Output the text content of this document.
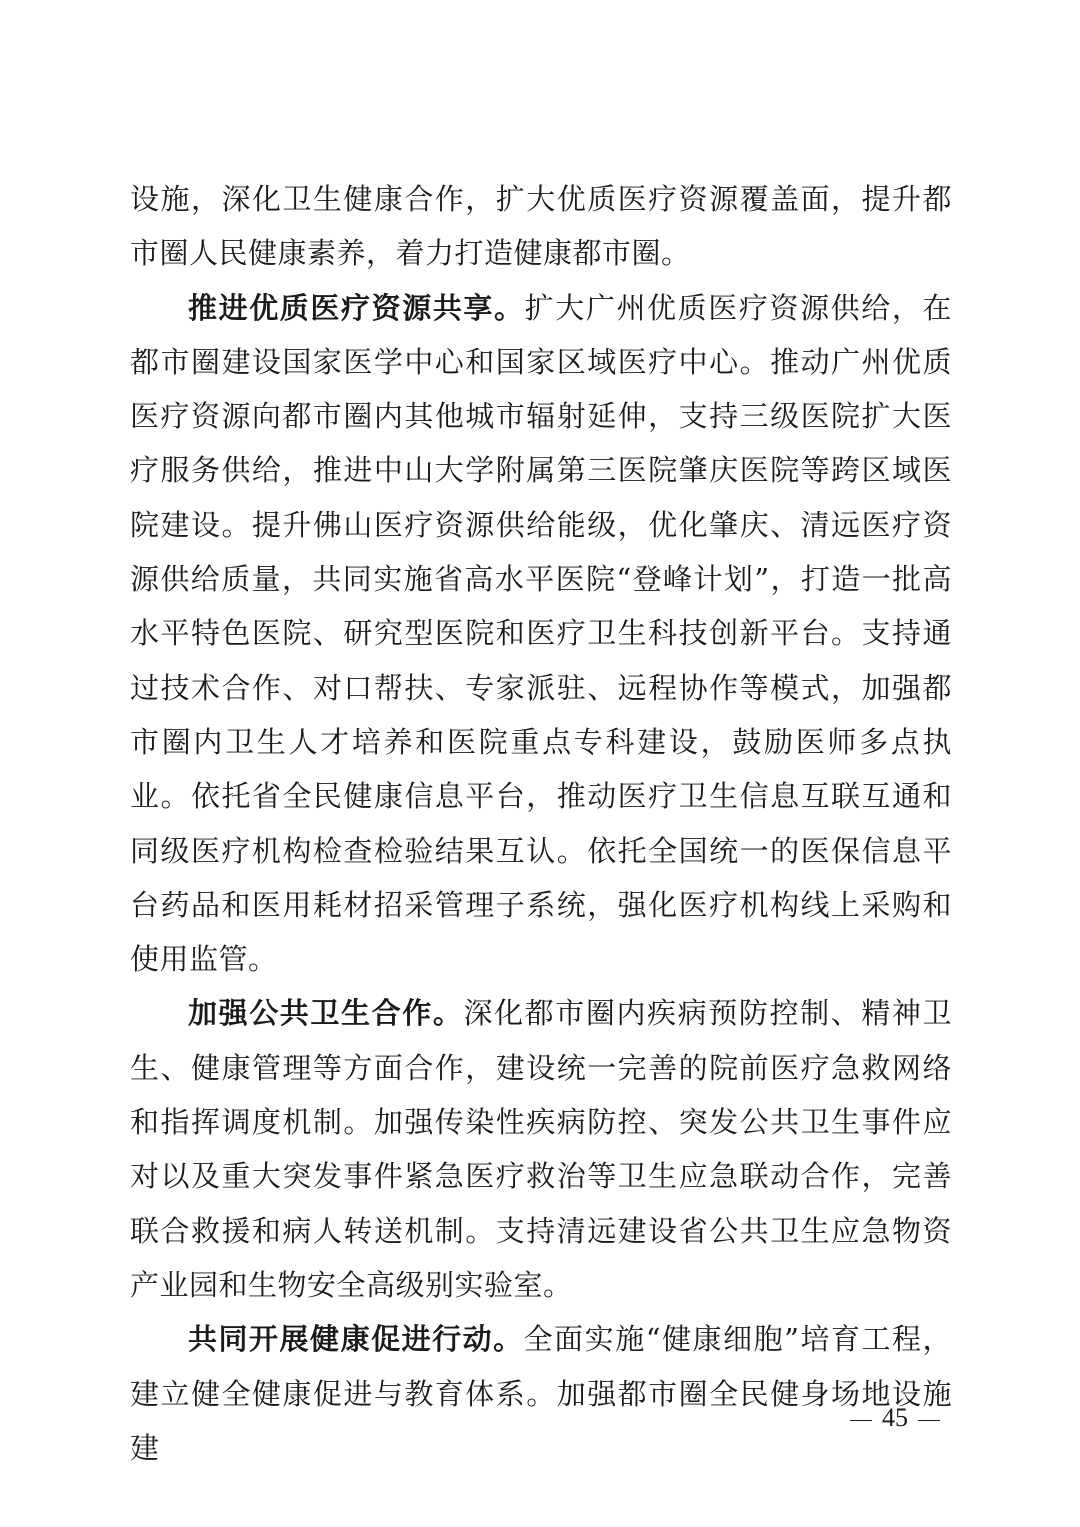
设施，深化卫生健康合作，扩大优质医疗资源覆盖面，提升都市圈人民健康素养，着力打造健康都市圈。

推进优质医疗资源共享。扩大广州优质医疗资源供给，在都市圈建设国家医学中心和国家区域医疗中心。推动广州优质医疗资源向都市圈内其他城市辐射延伸，支持三级医院扩大医疗服务供给，推进中山大学附属第三医院肇庆医院等跨区域医院建设。提升佛山医疗资源供给能级，优化肇庆、清远医疗资源供给质量，共同实施省高水平医院“登峰计划”，打造一批高水平特色医院、研究型医院和医疗卫生科技创新平台。支持通过技术合作、对口帮扶、专家派驻、远程协作等模式，加强都市圈内卫生人才培养和医院重点专科建设，鼓励医师多点执业。依托省全民健康信息平台，推动医疗卫生信息互联互通和同级医疗机构检查检验结果互认。依托全国统一的医保信息平台药品和医用耗材招采管理子系统，强化医疗机构线上采购和使用监管。

加强公共卫生合作。深化都市圈内疾病预防控制、精神卫生、健康管理等方面合作，建设统一完善的院前医疗急救网络和指挥调度机制。加强传染性疾病防控、突发公共卫生事件应对以及重大突发事件紧急医疗救治等卫生应急联动合作，完善联合救援和病人转送机制。支持清远建设省公共卫生应急物资产业园和生物安全高级别实验室。

共同开展健康促进行动。全面实施“健康细胞”培育工程，建立健全健康促进与教育体系。加强都市圈全民健身场地设施建

45
